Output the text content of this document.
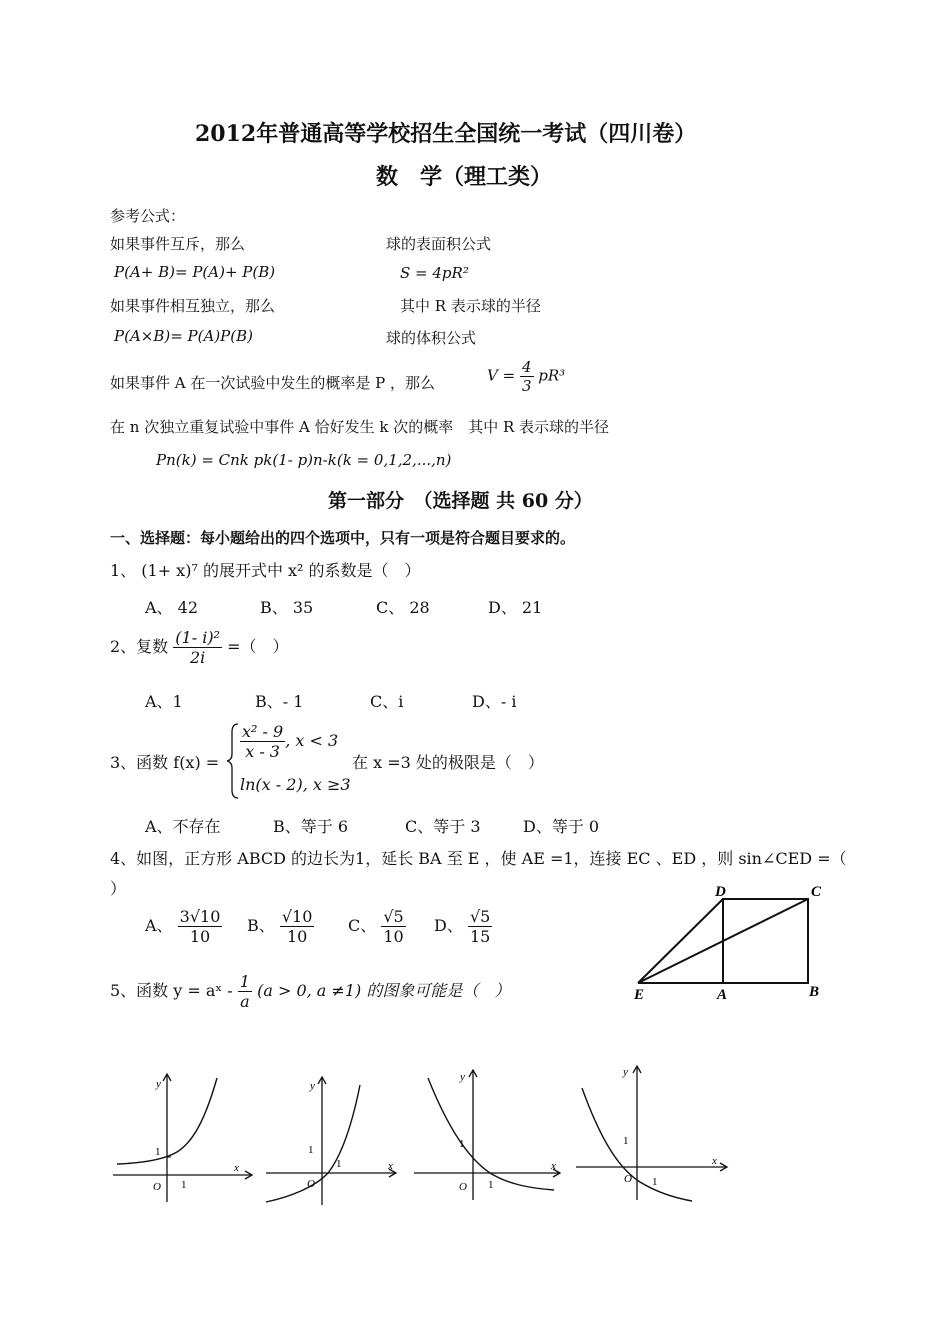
2012年普通高等学校招生全国统一考试（四川卷）
数　学（理工类）
参考公式：
如果事件互斥，那么
P(A+ B)= P(A)+ P(B)
如果事件相互独立，那么
P(A×B)= P(A)P(B)
球的表面积公式
S = 4pR²
其中 R 表示球的半径
球的体积公式
如果事件 A 在一次试验中发生的概率是 P ，那么	$V = \frac{4}{3} pR^3$
在 n 次独立重复试验中事件 A 恰好发生 k 次的概率　其中 R 表示球的半径
Pn(k) = Cnk pk(1- p)n-k(k = 0,1,2,...,n)
第一部分　（选择题 共 60 分）
一、选择题：每小题给出的四个选项中，只有一项是符合题目要求的。
1、 (1+ x)⁷ 的展开式中 x² 的系数是（　）
A、 42	B、 35	C、 28	D、 21
2、复数 $\frac{\text{(1- i)²}}{2i}$ =（　）
A、1	B、- 1	C、i	D、- i
3、函数 f(x) =
$\frac{\text{x² - 9}}{x - 3}$ , x < 3
ln(x - 2), x ≥3
在 x =3 处的极限是（　）
A、不存在	B、等于 6	C、等于 3	D、等于 0
4、如图，正方形 ABCD 的边长为1，延长 BA 至 E ，使 AE =1，连接 EC 、ED ，则 sin∠CED =（
）
A、 $\frac{3√10}{10}$ B、 $\frac{√10}{10}$ C、 $\frac{√5}{10}$ D、 $\frac{√5}{15}$
D	C
E	A	B
5、函数 y = aˣ - $\frac{1}{a} (a > 0$, a ≠1) 的图象可能是（　）
y
x
1
1
O
y
x
1
1
O
y
x
1
1
O
y
x
1
1
O
